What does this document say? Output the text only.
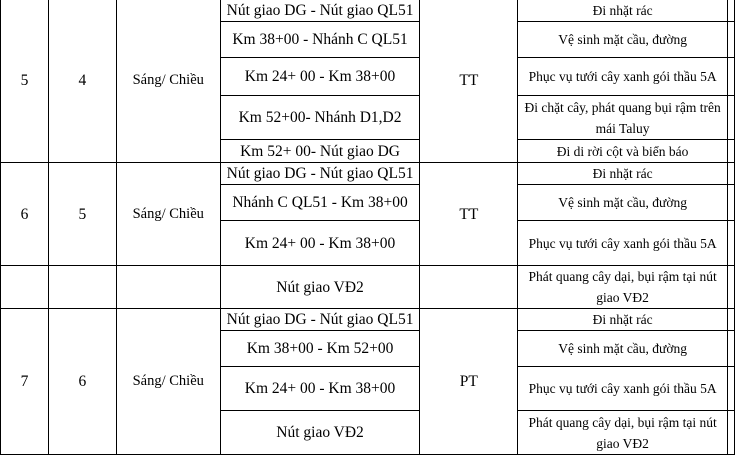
5	4	Sáng/ Chiều	Nút giao DG - Nút giao QL51	TT	Đi nhặt rác	
			Km 38+00 - Nhánh C QL51		Vệ sinh mặt cầu, đường	
			Km 24+ 00 - Km 38+00		Phục vụ tưới cây xanh gói thầu 5A	
			Km 52+00- Nhánh D1,D2		Đi chặt cây, phát quang bụi rậm trên mái Taluy	
			Km 52+ 00- Nút giao DG		Đi di rời cột và biển báo	
6	5	Sáng/ Chiều	Nút giao DG - Nút giao QL51	TT	Đi nhặt rác	
			Nhánh C QL51 - Km 38+00		Vệ sinh mặt cầu, đường	
			Km 24+ 00 - Km 38+00		Phục vụ tưới cây xanh gói thầu 5A	
			Nút giao VĐ2		Phát quang cây dại, bụi rậm tại nút giao VĐ2	
7	6	Sáng/ Chiều	Nút giao DG - Nút giao QL51	PT	Đi nhặt rác	
			Km 38+00 - Km 52+00		Vệ sinh mặt cầu, đường	
			Km 24+ 00 - Km 38+00		Phục vụ tưới cây xanh gói thầu 5A	
			Nút giao VĐ2		Phát quang cây dại, bụi rậm tại nút giao VĐ2	
